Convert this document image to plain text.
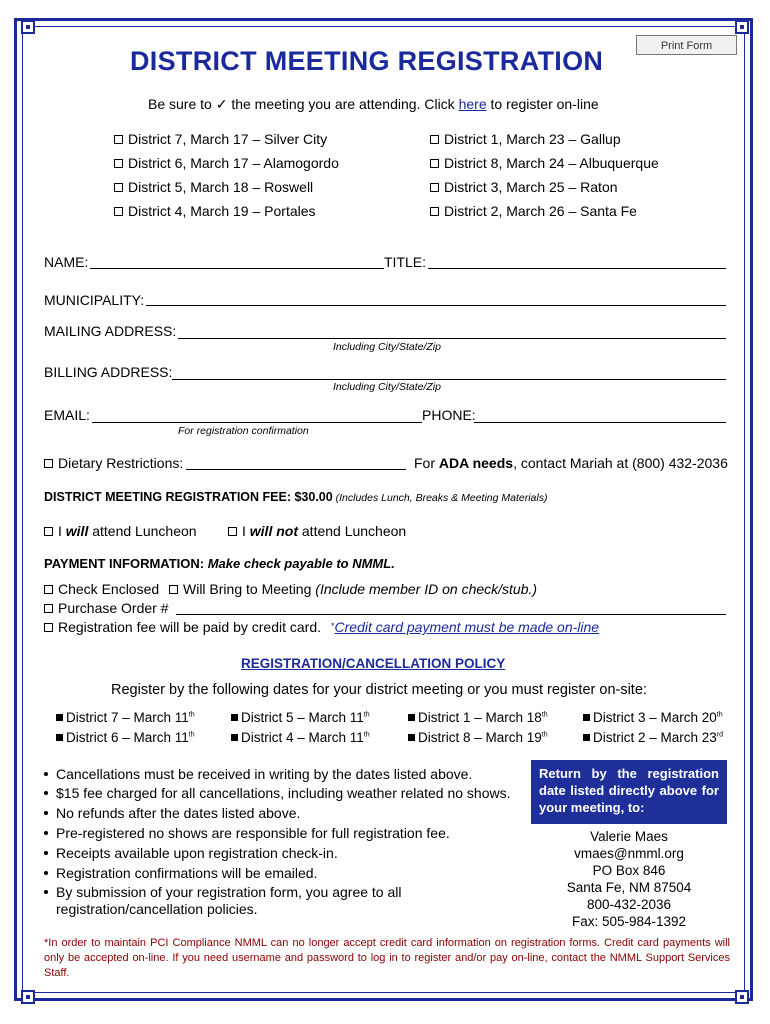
DISTRICT MEETING REGISTRATION	Print Form
Be sure to ✓ the meeting you are attending. Click here to register on-line
District 7, March 17 – Silver City
District 6, March 17 – Alamogordo
District 5, March 18 – Roswell
District 4, March 19 – Portales
District 1, March 23 – Gallup
District 8, March 24 – Albuquerque
District 3, March 25 – Raton
District 2, March 26 – Santa Fe
NAME:	TITLE:
MUNICIPALITY:
MAILING ADDRESS:
Including City/State/Zip
BILLING ADDRESS:
Including City/State/Zip
EMAIL:
For registration confirmation
PHONE:
Dietary Restrictions:	For ADA needs, contact Mariah at (800) 432-2036
DISTRICT MEETING REGISTRATION FEE: $30.00 (Includes Lunch, Breaks & Meeting Materials)
I will attend Luncheon	I will not attend Luncheon
PAYMENT INFORMATION: Make check payable to NMML.
Check Enclosed	Will Bring to Meeting (Include member ID on check/stub.)
Purchase Order #
Registration fee will be paid by credit card. *Credit card payment must be made on-line
REGISTRATION/CANCELLATION POLICY
Register by the following dates for your district meeting or you must register on-site:
District 7 – March 11th	District 5 – March 11th	District 1 – March 18th	District 3 – March 20th
District 6 – March 11th	District 4 – March 11th	District 8 – March 19th	District 2 – March 23rd
Cancellations must be received in writing by the dates listed above.
$15 fee charged for all cancellations, including weather related no shows.
No refunds after the dates listed above.
Pre-registered no shows are responsible for full registration fee.
Receipts available upon registration check-in.
Registration confirmations will be emailed.
By submission of your registration form, you agree to all
registration/cancellation policies.
Return by the registration date listed directly above for your meeting, to:
Valerie Maes
vmaes@nmml.org
PO Box 846
Santa Fe, NM 87504
800-432-2036
Fax: 505-984-1392
*In order to maintain PCI Compliance NMML can no longer accept credit card information on registration forms. Credit card payments will only be accepted on-line. If you need username and password to log in to register and/or pay on-line, contact the NMML Support Services Staff.
